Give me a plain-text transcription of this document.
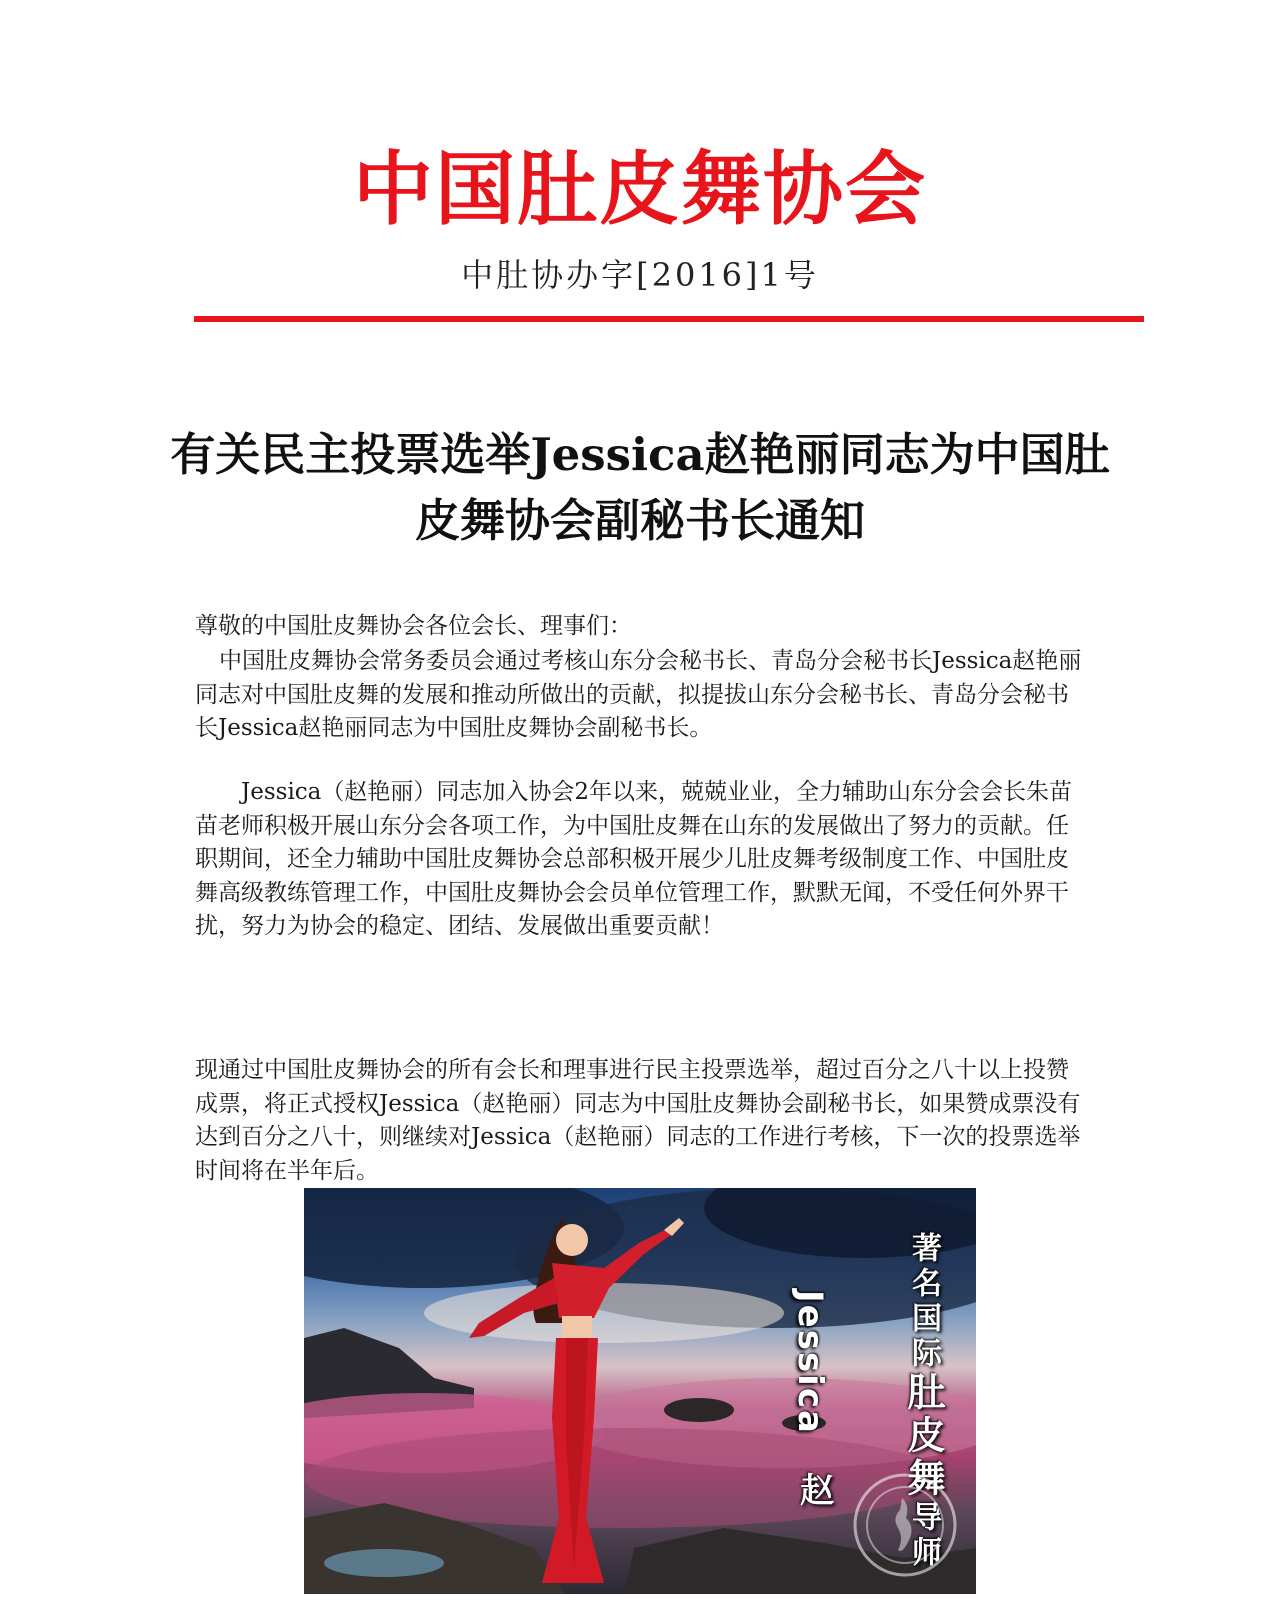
中国肚皮舞协会
中肚协办字[2016]1号
有关民主投票选举Jessica赵艳丽同志为中国肚皮舞协会副秘书长通知

尊敬的中国肚皮舞协会各位会长、理事们：

中国肚皮舞协会常务委员会通过考核山东分会秘书长、青岛分会秘书长Jessica赵艳丽同志对中国肚皮舞的发展和推动所做出的贡献，拟提拔山东分会秘书长、青岛分会秘书长Jessica赵艳丽同志为中国肚皮舞协会副秘书长。

Jessica（赵艳丽）同志加入协会2年以来，兢兢业业，全力辅助山东分会会长朱苗苗老师积极开展山东分会各项工作，为中国肚皮舞在山东的发展做出了努力的贡献。任职期间，还全力辅助中国肚皮舞协会总部积极开展少儿肚皮舞考级制度工作、中国肚皮舞高级教练管理工作，中国肚皮舞协会会员单位管理工作，默默无闻，不受任何外界干扰，努力为协会的稳定、团结、发展做出重要贡献！

现通过中国肚皮舞协会的所有会长和理事进行民主投票选举，超过百分之八十以上投赞成票，将正式授权Jessica（赵艳丽）同志为中国肚皮舞协会副秘书长，如果赞成票没有达到百分之八十，则继续对Jessica（赵艳丽）同志的工作进行考核，下一次的投票选举时间将在半年后。

Jessica
赵
著名国际肚皮舞导师
